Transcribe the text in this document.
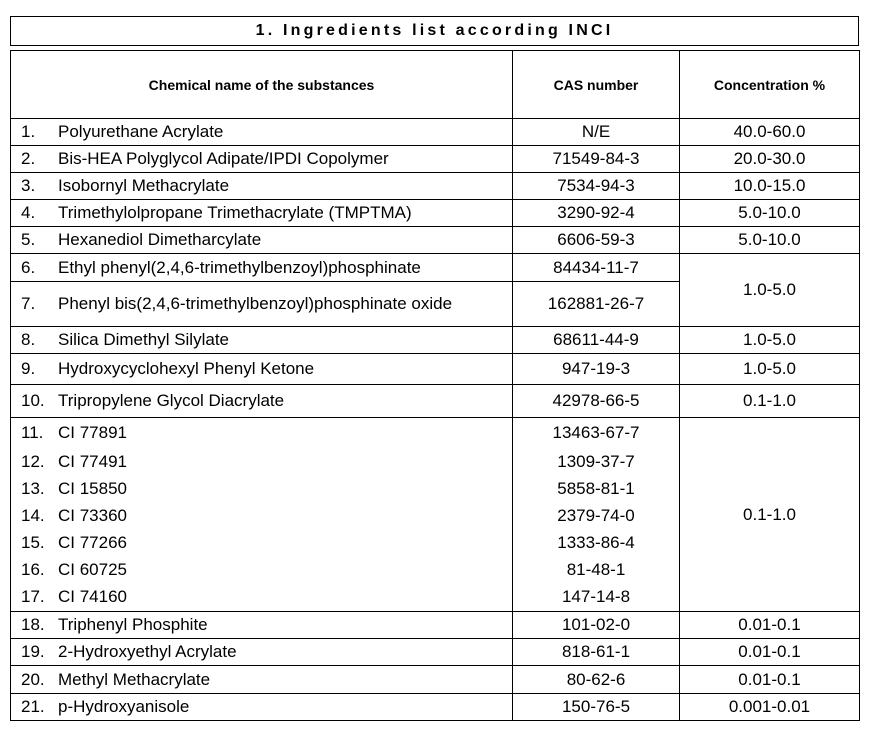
1. Ingredients list according INCI
Chemical name of the substances	CAS number	Concentration %

1. Polyurethane Acrylate	N/E	40.0-60.0

2. Bis-HEA Polyglycol Adipate/IPDI Copolymer	71549-84-3	20.0-30.0

3. Isobornyl Methacrylate	7534-94-3	10.0-15.0

4. Trimethylolpropane Trimethacrylate (TMPTMA)	3290-92-4	5.0-10.0

5. Hexanediol Dimetharcylate	6606-59-3	5.0-10.0

6. Ethyl phenyl(2,4,6-trimethylbenzoyl)phosphinate	84434-11-7	1.0-5.0

7. Phenyl bis(2,4,6-trimethylbenzoyl)phosphinate oxide	162881-26-7	

8. Silica Dimethyl Silylate	68611-44-9	1.0-5.0

9. Hydroxycyclohexyl Phenyl Ketone	947-19-3	1.0-5.0

10. Tripropylene Glycol Diacrylate	42978-66-5	0.1-1.0

11. CI 77891	13463-67-7	0.1-1.0

12. CI 77491	1309-37-7	

13. CI 15850	5858-81-1	

14. CI 73360	2379-74-0	

15. CI 77266	1333-86-4	

16. CI 60725	81-48-1	

17. CI 74160	147-14-8	

18. Triphenyl Phosphite	101-02-0	0.01-0.1

19. 2-Hydroxyethyl Acrylate	818-61-1	0.01-0.1

20. Methyl Methacrylate	80-62-6	0.01-0.1

21. p-Hydroxyanisole	150-76-5	0.001-0.01
